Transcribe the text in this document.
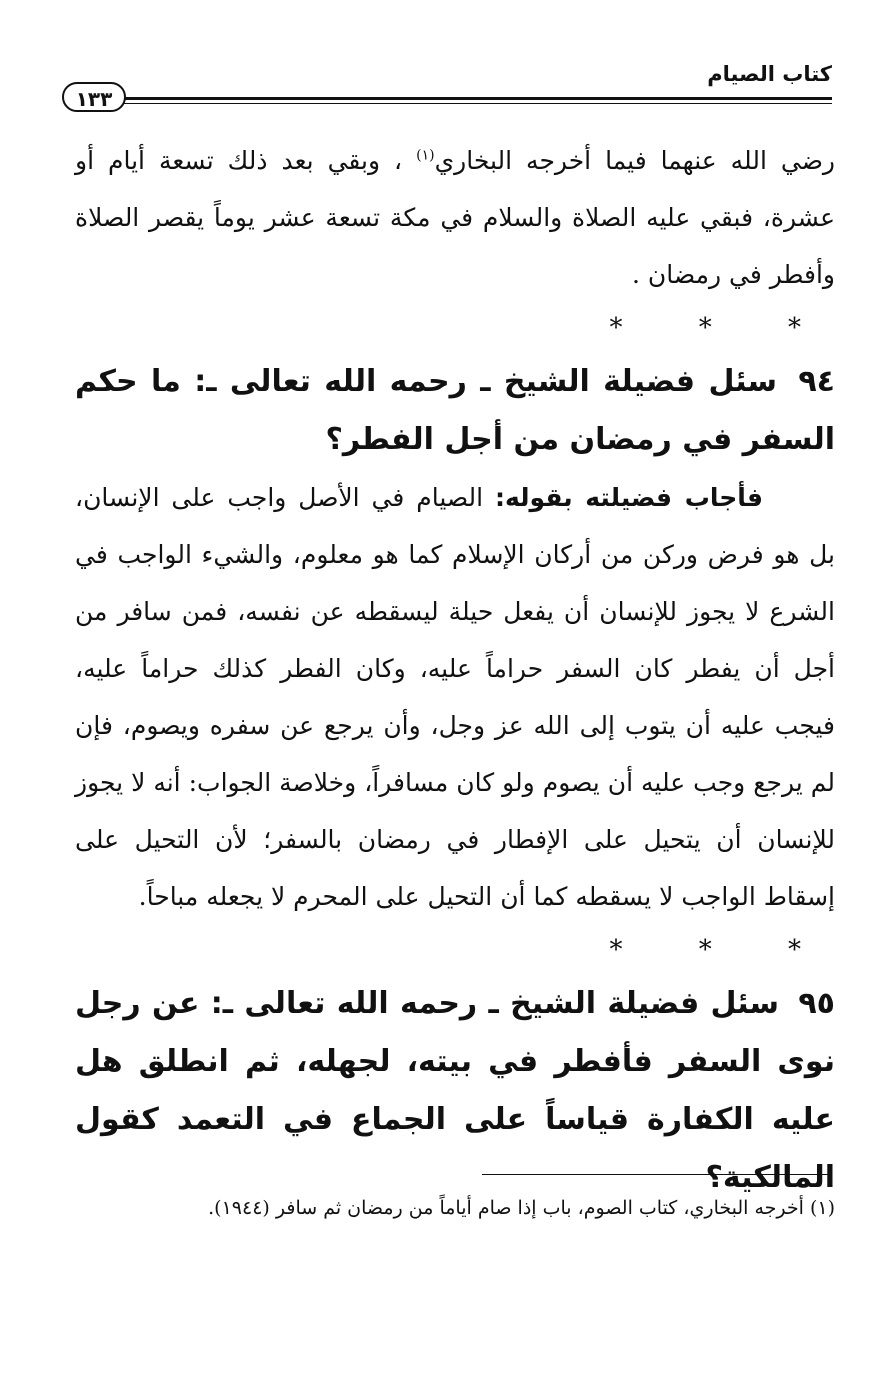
كتاب الصيام
١٣٣

رضي الله عنهما فيما أخرجه البخاري$^{(١)}$ ، وبقي بعد ذلك تسعة أيام أو عشرة، فبقي عليه الصلاة والسلام في مكة تسعة عشر يوماً يقصر الصلاة وأفطر في رمضان .

* * *

٩٤ سئل فضيلة الشيخ ـ رحمه الله تعالى ـ: ما حكم السفر في رمضان من أجل الفطر؟

فأجاب فضيلته بقوله: الصيام في الأصل واجب على الإنسان، بل هو فرض وركن من أركان الإسلام كما هو معلوم، والشيء الواجب في الشرع لا يجوز للإنسان أن يفعل حيلة ليسقطه عن نفسه، فمن سافر من أجل أن يفطر كان السفر حراماً عليه، وكان الفطر كذلك حراماً عليه، فيجب عليه أن يتوب إلى الله عز وجل، وأن يرجع عن سفره ويصوم، فإن لم يرجع وجب عليه أن يصوم ولو كان مسافراً، وخلاصة الجواب: أنه لا يجوز للإنسان أن يتحيل على الإفطار في رمضان بالسفر؛ لأن التحيل على إسقاط الواجب لا يسقطه كما أن التحيل على المحرم لا يجعله مباحاً.

* * *

٩٥ سئل فضيلة الشيخ ـ رحمه الله تعالى ـ: عن رجل نوى السفر فأفطر في بيته، لجهله، ثم انطلق هل عليه الكفارة قياساً على الجماع في التعمد كقول المالكية؟

(١) أخرجه البخاري، كتاب الصوم، باب إذا صام أياماً من رمضان ثم سافر (١٩٤٤).
